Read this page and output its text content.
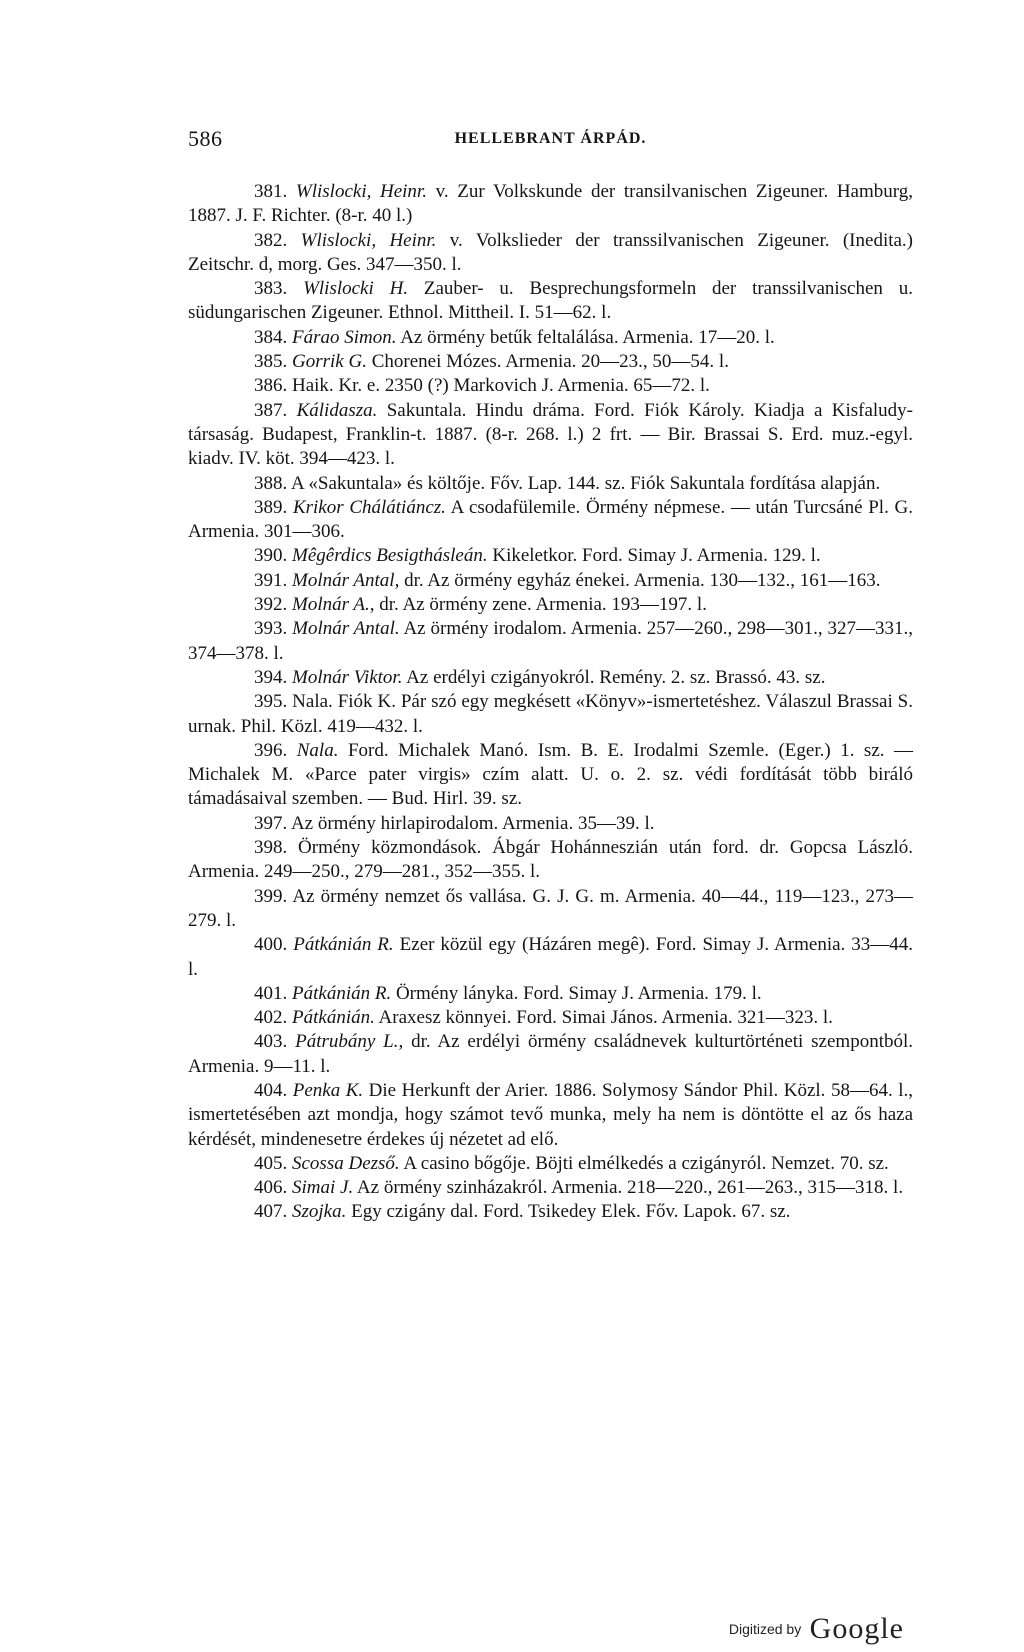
586	HELLEBRANT ÁRPÁD.

381. Wlislocki, Heinr. v. Zur Volkskunde der transilvanischen Zigeuner. Hamburg, 1887. J. F. Richter. (8-r. 40 l.)

382. Wlislocki, Heinr. v. Volkslieder der transsilvanischen Zigeuner. (Inedita.) Zeitschr. d, morg. Ges. 347—350. l.

383. Wlislocki H. Zauber- u. Besprechungsformeln der transsilvanischen u. südungarischen Zigeuner. Ethnol. Mittheil. I. 51—62. l.

384. Fárao Simon. Az örmény betűk feltalálása. Armenia. 17—20. l.

385. Gorrik G. Chorenei Mózes. Armenia. 20—23., 50—54. l.

386. Haik. Kr. e. 2350 (?) Markovich J. Armenia. 65—72. l.

387. Kálidasza. Sakuntala. Hindu dráma. Ford. Fiók Károly. Kiadja a Kisfaludy-társaság. Budapest, Franklin-t. 1887. (8-r. 268. l.) 2 frt. — Bir. Brassai S. Erd. muz.-egyl. kiadv. IV. köt. 394—423. l.

388. A «Sakuntala» és költője. Főv. Lap. 144. sz. Fiók Sakuntala fordítása alapján.

389. Krikor Chálátiáncz. A csodafülemile. Örmény népmese. — után Turcsáné Pl. G. Armenia. 301—306.

390. Mêgêrdics Besigthásleán. Kikeletkor. Ford. Simay J. Armenia. 129. l.

391. Molnár Antal, dr. Az örmény egyház énekei. Armenia. 130—132., 161—163.

392. Molnár A., dr. Az örmény zene. Armenia. 193—197. l.

393. Molnár Antal. Az örmény irodalom. Armenia. 257—260., 298—301., 327—331., 374—378. l.

394. Molnár Viktor. Az erdélyi czigányokról. Remény. 2. sz. Brassó. 43. sz.

395. Nala. Fiók K. Pár szó egy megkésett «Könyv»-ismertetéshez. Válaszul Brassai S. urnak. Phil. Közl. 419—432. l.

396. Nala. Ford. Michalek Manó. Ism. B. E. Irodalmi Szemle. (Eger.) 1. sz. — Michalek M. «Parce pater virgis» czím alatt. U. o. 2. sz. védi fordítását több biráló támadásaival szemben. — Bud. Hirl. 39. sz.

397. Az örmény hirlapirodalom. Armenia. 35—39. l.

398. Örmény közmondások. Ábgár Hohánneszián után ford. dr. Gopcsa László. Armenia. 249—250., 279—281., 352—355. l.

399. Az örmény nemzet ős vallása. G. J. G. m. Armenia. 40—44., 119—123., 273—279. l.

400. Pátkánián R. Ezer közül egy (Házáren megê). Ford. Simay J. Armenia. 33—44. l.

401. Pátkánián R. Örmény lányka. Ford. Simay J. Armenia. 179. l.

402. Pátkánián. Araxesz könnyei. Ford. Simai János. Armenia. 321—323. l.

403. Pátrubány L., dr. Az erdélyi örmény családnevek kulturtörténeti szempontból. Armenia. 9—11. l.

404. Penka K. Die Herkunft der Arier. 1886. Solymosy Sándor Phil. Közl. 58—64. l., ismertetésében azt mondja, hogy számot tevő munka, mely ha nem is döntötte el az ős haza kérdését, mindenesetre érdekes új nézetet ad elő.

405. Scossa Dezső. A casino bőgője. Böjti elmélkedés a czigányról. Nemzet. 70. sz.

406. Simai J. Az örmény szinházakról. Armenia. 218—220., 261—263., 315—318. l.

407. Szojka. Egy czigány dal. Ford. Tsikedey Elek. Főv. Lapok. 67. sz.

Digitized by Google
